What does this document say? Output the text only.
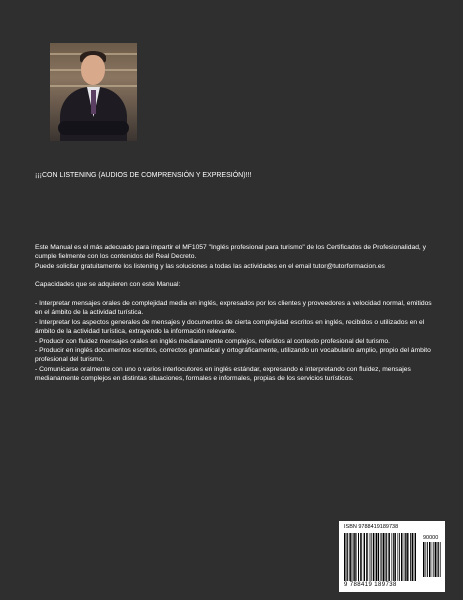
¡¡¡CON LISTENING (AUDIOS DE COMPRENSIÓN Y EXPRESIÓN)!!!

Este Manual es el más adecuado para impartir el MF1057 "Inglés profesional para turismo" de los Certificados de Profesionalidad, y cumple fielmente con los contenidos del Real Decreto.

Puede solicitar gratuitamente los listening y las soluciones a todas las actividades en el email tutor@tutorformacion.es

Capacidades que se adquieren con este Manual:
- Interpretar mensajes orales de complejidad media en inglés, expresados por los clientes y proveedores a velocidad normal, emitidos en el ámbito de la actividad turística.
- Interpretar los aspectos generales de mensajes y documentos de cierta complejidad escritos en inglés, recibidos o utilizados en el ámbito de la actividad turística, extrayendo la información relevante.
- Producir con fluidez mensajes orales en inglés medianamente complejos, referidos al contexto profesional del turismo.
- Producir en inglés documentos escritos, correctos gramatical y ortográficamente, utilizando un vocabulario amplio, propio del ámbito profesional del turismo.
- Comunicarse oralmente con uno o varios interlocutores en inglés estándar, expresando e interpretando con fluidez, mensajes medianamente complejos en distintas situaciones, formales e informales, propias de los servicios turísticos.
ISBN 9788419189738
90000
9 788419 189738
